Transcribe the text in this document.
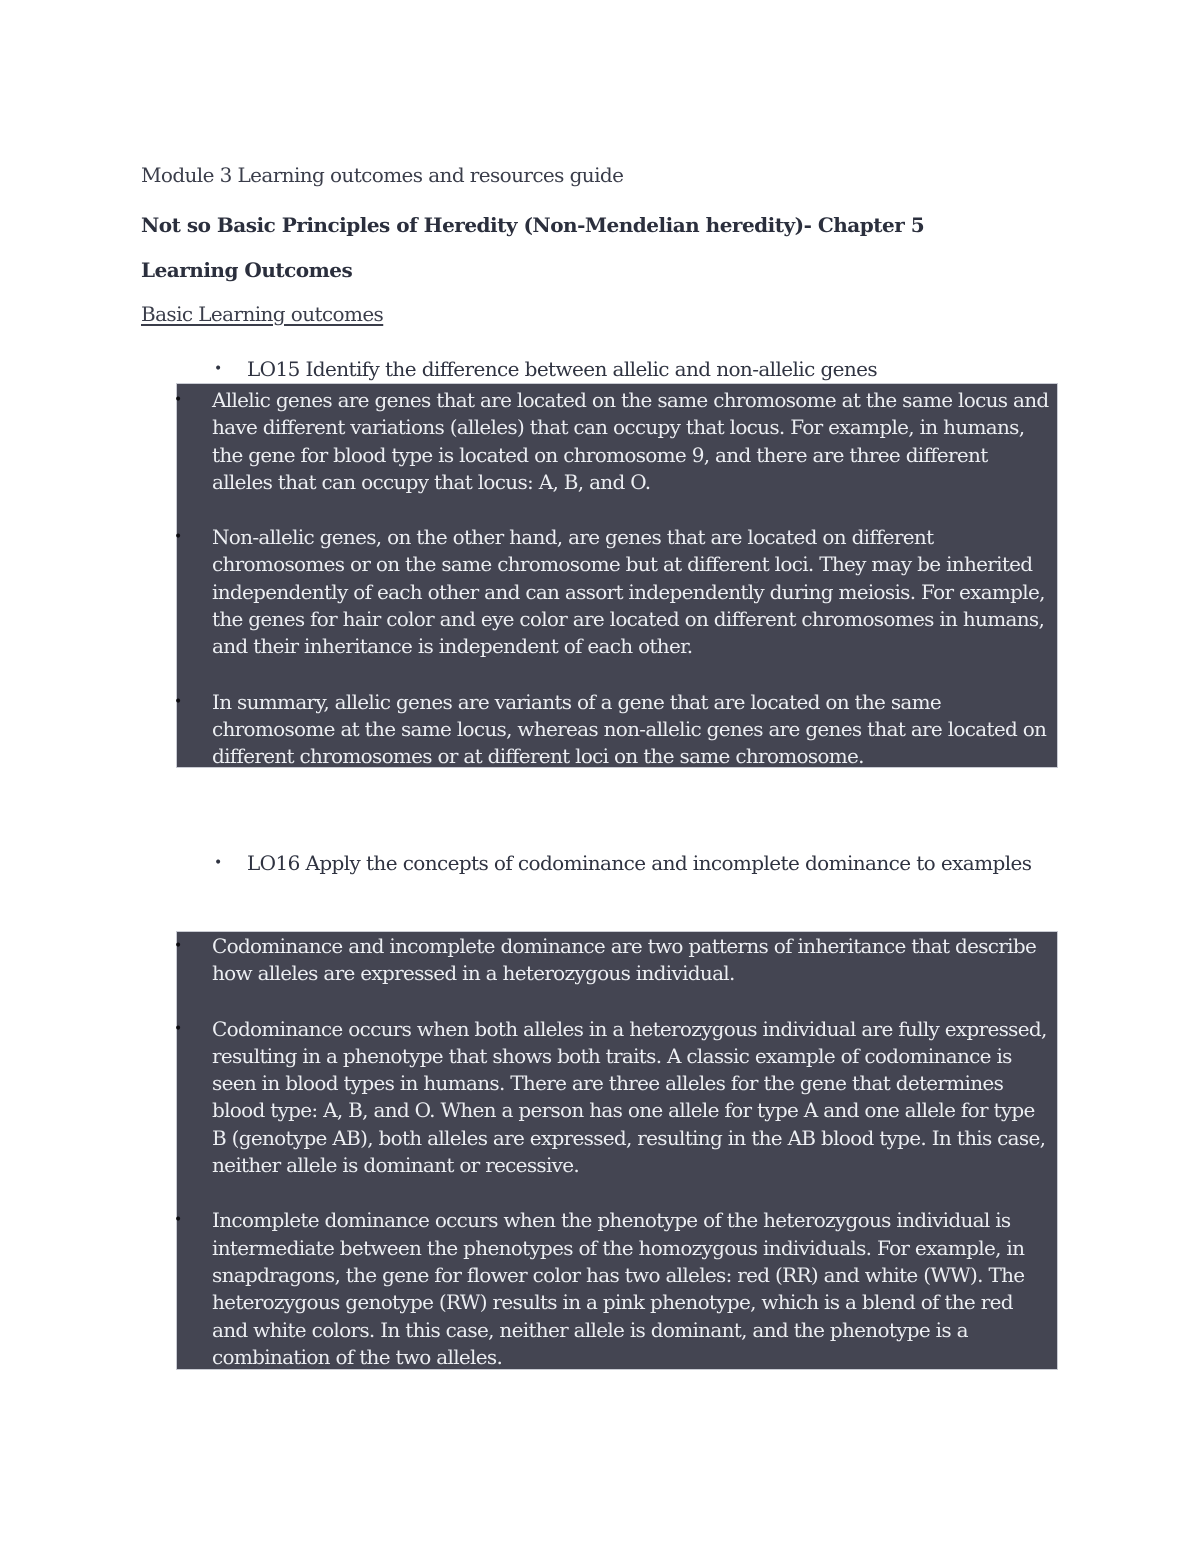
Module 3 Learning outcomes and resources guide
Not so Basic Principles of Heredity (Non-Mendelian heredity)- Chapter 5
Learning Outcomes
Basic Learning outcomes
• LO15 Identify the difference between allelic and non-allelic genes
• Allelic genes are genes that are located on the same chromosome at the same locus and have different variations (alleles) that can occupy that locus. For example, in humans, the gene for blood type is located on chromosome 9, and there are three different alleles that can occupy that locus: A, B, and O.
• Non-allelic genes, on the other hand, are genes that are located on different chromosomes or on the same chromosome but at different loci. They may be inherited independently of each other and can assort independently during meiosis. For example, the genes for hair color and eye color are located on different chromosomes in humans, and their inheritance is independent of each other.
• In summary, allelic genes are variants of a gene that are located on the same chromosome at the same locus, whereas non-allelic genes are genes that are located on different chromosomes or at different loci on the same chromosome.
• LO16 Apply the concepts of codominance and incomplete dominance to examples
• Codominance and incomplete dominance are two patterns of inheritance that describe how alleles are expressed in a heterozygous individual.
• Codominance occurs when both alleles in a heterozygous individual are fully expressed, resulting in a phenotype that shows both traits. A classic example of codominance is seen in blood types in humans. There are three alleles for the gene that determines blood type: A, B, and O. When a person has one allele for type A and one allele for type B (genotype AB), both alleles are expressed, resulting in the AB blood type. In this case, neither allele is dominant or recessive.
• Incomplete dominance occurs when the phenotype of the heterozygous individual is intermediate between the phenotypes of the homozygous individuals. For example, in snapdragons, the gene for flower color has two alleles: red (RR) and white (WW). The heterozygous genotype (RW) results in a pink phenotype, which is a blend of the red and white colors. In this case, neither allele is dominant, and the phenotype is a combination of the two alleles.
